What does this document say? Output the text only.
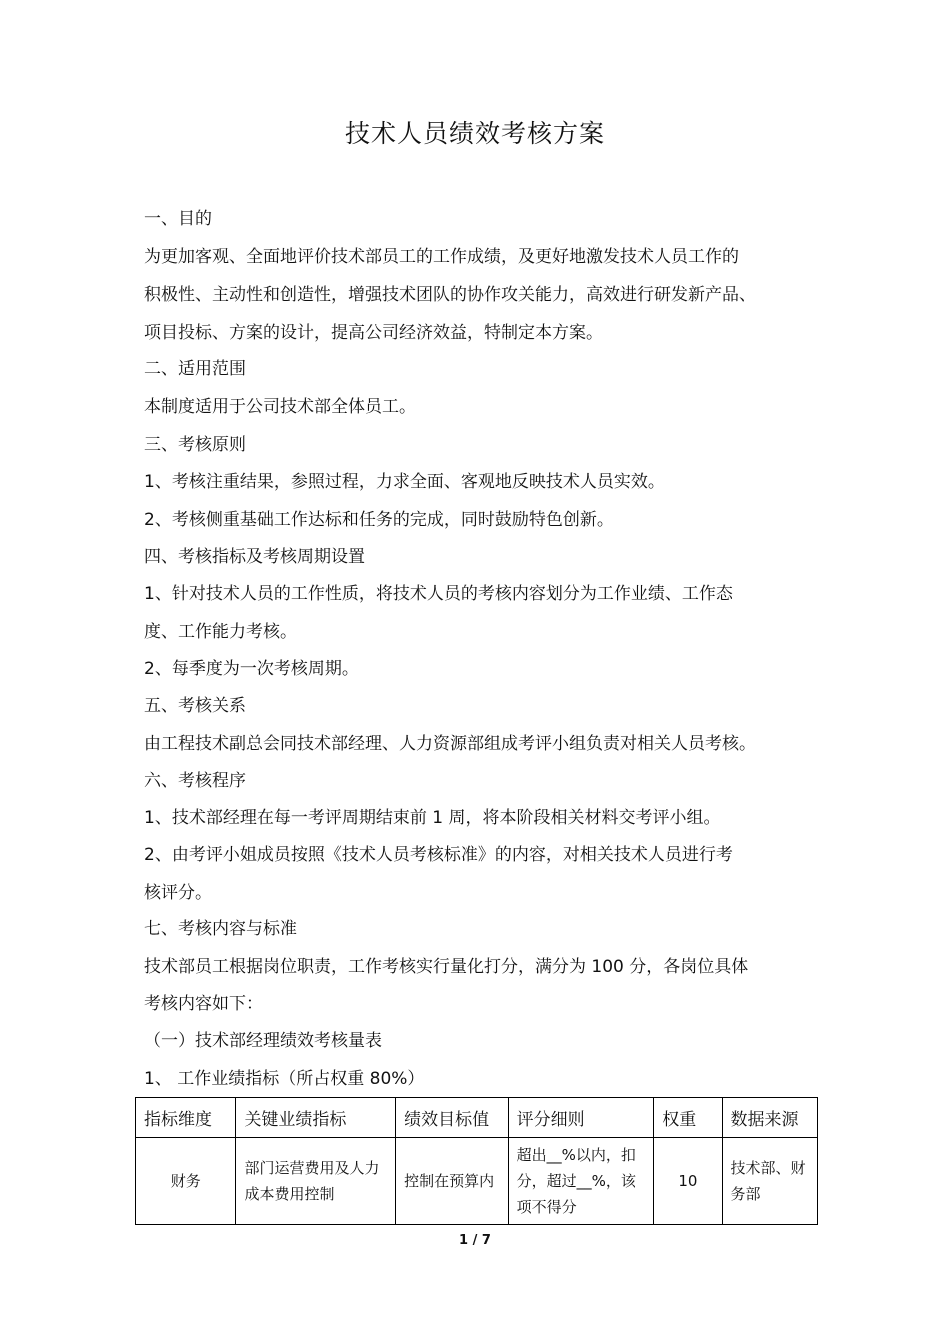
技术人员绩效考核方案
一、目的
为更加客观、全面地评价技术部员工的工作成绩，及更好地激发技术人员工作的
积极性、主动性和创造性，增强技术团队的协作攻关能力，高效进行研发新产品、
项目投标、方案的设计，提高公司经济效益，特制定本方案。
二、适用范围
本制度适用于公司技术部全体员工。
三、考核原则
1、考核注重结果，参照过程，力求全面、客观地反映技术人员实效。
2、考核侧重基础工作达标和任务的完成，同时鼓励特色创新。
四、考核指标及考核周期设置
1、针对技术人员的工作性质，将技术人员的考核内容划分为工作业绩、工作态
度、工作能力考核。
2、每季度为一次考核周期。
五、考核关系
由工程技术副总会同技术部经理、人力资源部组成考评小组负责对相关人员考核。
六、考核程序
1、技术部经理在每一考评周期结束前 1 周，将本阶段相关材料交考评小组。
2、由考评小姐成员按照《技术人员考核标准》的内容，对相关技术人员进行考
核评分。
七、考核内容与标准
技术部员工根据岗位职责，工作考核实行量化打分，满分为 100 分，各岗位具体
考核内容如下：
（一）技术部经理绩效考核量表
1、 工作业绩指标（所占权重 80%）
指标维度	关键业绩指标	绩效目标值	评分细则	权重	数据来源
财务	部门运营费用及人力成本费用控制	控制在预算内	超出__%以内，扣分，超过__%，该项不得分	10	技术部、财务部
1 / 7
